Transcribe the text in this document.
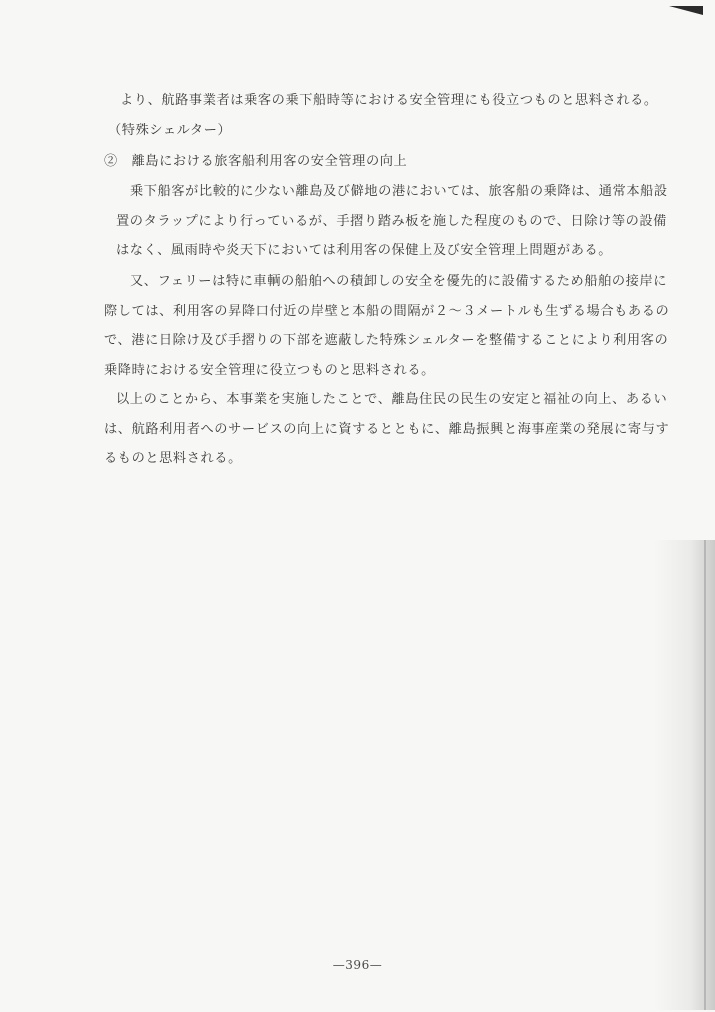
より、航路事業者は乗客の乗下船時等における安全管理にも役立つものと思料される。
（特殊シェルター）
②　離島における旅客船利用客の安全管理の向上
乗下船客が比較的に少ない離島及び僻地の港においては、旅客船の乗降は、通常本船設
置のタラップにより行っているが、手摺り踏み板を施した程度のもので、日除け等の設備
はなく、風雨時や炎天下においては利用客の保健上及び安全管理上問題がある。
又、フェリーは特に車輌の船舶への積卸しの安全を優先的に設備するため船舶の接岸に
際しては、利用客の昇降口付近の岸壁と本船の間隔が２～３メートルも生ずる場合もあるの
で、港に日除け及び手摺りの下部を遮蔽した特殊シェルターを整備することにより利用客の
乗降時における安全管理に役立つものと思料される。
以上のことから、本事業を実施したことで、離島住民の民生の安定と福祉の向上、あるい
は、航路利用者へのサービスの向上に資するとともに、離島振興と海事産業の発展に寄与す
るものと思料される。
—396—
